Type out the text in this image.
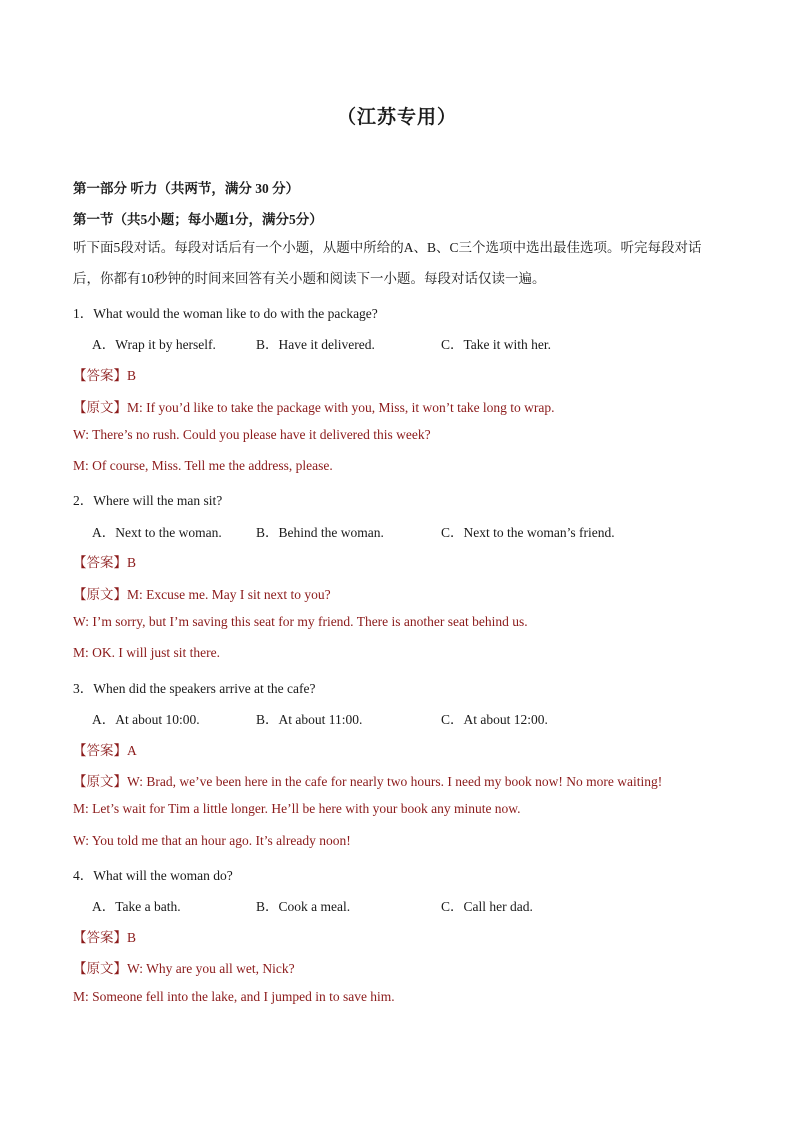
（江苏专用）
第一部分 听力（共两节，满分 30 分）
第一节（共5小题；每小题1分，满分5分）
听下面5段对话。每段对话后有一个小题，从题中所给的A、B、C三个选项中选出最佳选项。听完每段对话后，你都有10秒钟的时间来回答有关小题和阅读下一小题。每段对话仅读一遍。
1．What would the woman like to do with the package?
A．Wrap it by herself.	B．Have it delivered.	C．Take it with her.
【答案】B
【原文】M: If you’d like to take the package with you, Miss, it won’t take long to wrap.
W: There’s no rush. Could you please have it delivered this week?
M: Of course, Miss. Tell me the address, please.
2．Where will the man sit?
A．Next to the woman.	B．Behind the woman.	C．Next to the woman’s friend.
【答案】B
【原文】M: Excuse me. May I sit next to you?
W: I’m sorry, but I’m saving this seat for my friend. There is another seat behind us.
M: OK. I will just sit there.
3．When did the speakers arrive at the cafe?
A．At about 10:00.	B．At about 11:00.	C．At about 12:00.
【答案】A
【原文】W: Brad, we’ve been here in the cafe for nearly two hours. I need my book now! No more waiting!
M: Let’s wait for Tim a little longer. He’ll be here with your book any minute now.
W: You told me that an hour ago. It’s already noon!
4．What will the woman do?
A．Take a bath.	B．Cook a meal.	C．Call her dad.
【答案】B
【原文】W: Why are you all wet, Nick?
M: Someone fell into the lake, and I jumped in to save him.
